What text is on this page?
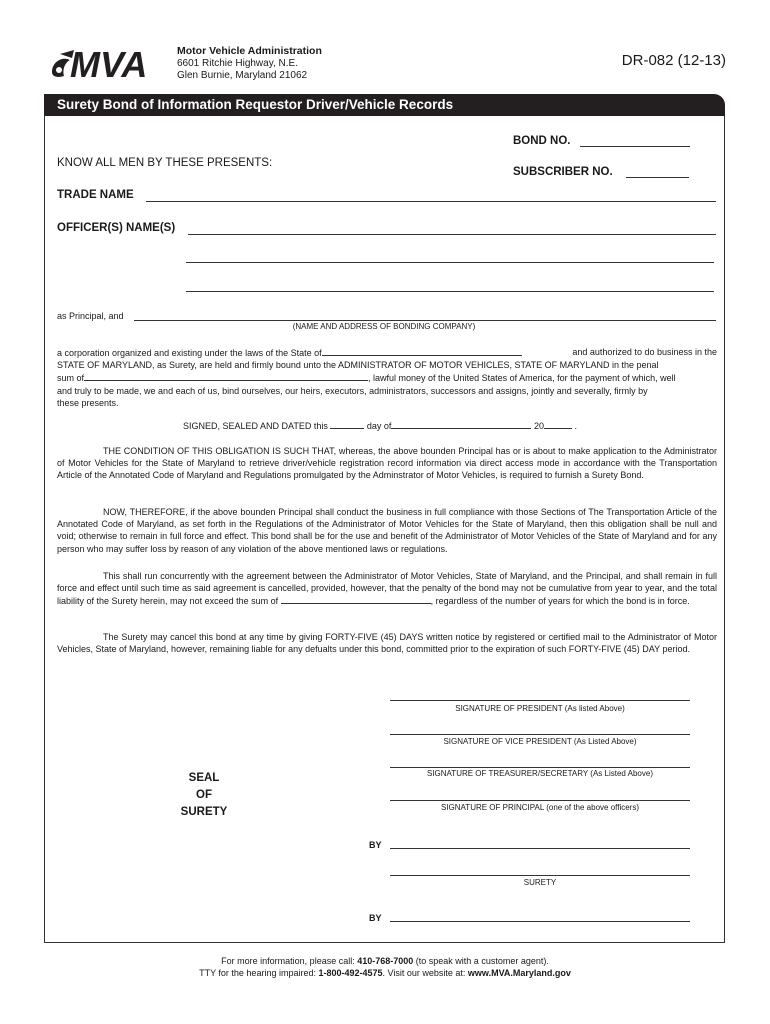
MVA	Motor Vehicle Administration
6601 Ritchie Highway, N.E.
Glen Burnie, Maryland 21062
DR-082 (12-13)
Surety Bond of Information Requestor Driver/Vehicle Records
BOND NO.
KNOW ALL MEN BY THESE PRESENTS:
SUBSCRIBER NO.
TRADE NAME
OFFICER(S) NAME(S)
as Principal, and
(NAME AND ADDRESS OF BONDING COMPANY)
a corporation organized and existing under the laws of the State of	and authorized to do business in the
STATE OF MARYLAND, as Surety, are held and firmly bound unto the ADMINISTRATOR OF MOTOR VEHICLES, STATE OF MARYLAND in the penal
sum of	, lawful money of the United States of America, for the payment of which, well
and truly to be made, we and each of us, bind ourselves, our heirs, executors, administrators, successors and assigns, jointly and severally, firmly by
these presents.
SIGNED, SEALED AND DATED this	day of	20	.
THE CONDITION OF THIS OBLIGATION IS SUCH THAT, whereas, the above bounden Principal has or is about to make application to the Administrator of Motor Vehicles for the State of Maryland to retrieve driver/vehicle registration record information via direct access mode in accordance with the Transportation Article of the Annotated Code of Maryland and Regulations promulgated by the Adminstrator of Motor Vehicles, is required to furnish a Surety Bond.
NOW, THEREFORE, if the above bounden Principal shall conduct the business in full compliance with those Sections of The Transportation Article of the Annotated Code of Maryland, as set forth in the Regulations of the Administrator of Motor Vehicles for the State of Maryland, then this obligation shall be null and void; otherwise to remain in full force and effect. This bond shall be for the use and benefit of the Administrator of Motor Vehicles of the State of Maryland and for any person who may suffer loss by reason of any violation of the above mentioned laws or regulations.
This shall run concurrently with the agreement between the Administrator of Motor Vehicles, State of Maryland, and the Principal, and shall remain in full force and effect until such time as said agreement is cancelled, provided, however, that the penalty of the bond may not be cumulative from year to year, and the total liability of the Surety herein, may not exceed the sum of	, regardless of the number of years for which the bond is in force.
The Surety may cancel this bond at any time by giving FORTY-FIVE (45) DAYS written notice by registered or certified mail to the Administrator of Motor Vehicles, State of Maryland, however, remaining liable for any defualts under this bond, committed prior to the expiration of such FORTY-FIVE (45) DAY period.
SIGNATURE OF PRESIDENT (As listed Above)
SIGNATURE OF VICE PRESIDENT (As Listed Above)
SIGNATURE OF TREASURER/SECRETARY (As Listed Above)
SIGNATURE OF PRINCIPAL (one of the above officers)
SEAL
OF
SURETY
BY
SURETY
BY
For more information, please call: 410-768-7000 (to speak with a customer agent).
TTY for the hearing impaired: 1-800-492-4575. Visit our website at: www.MVA.Maryland.gov
